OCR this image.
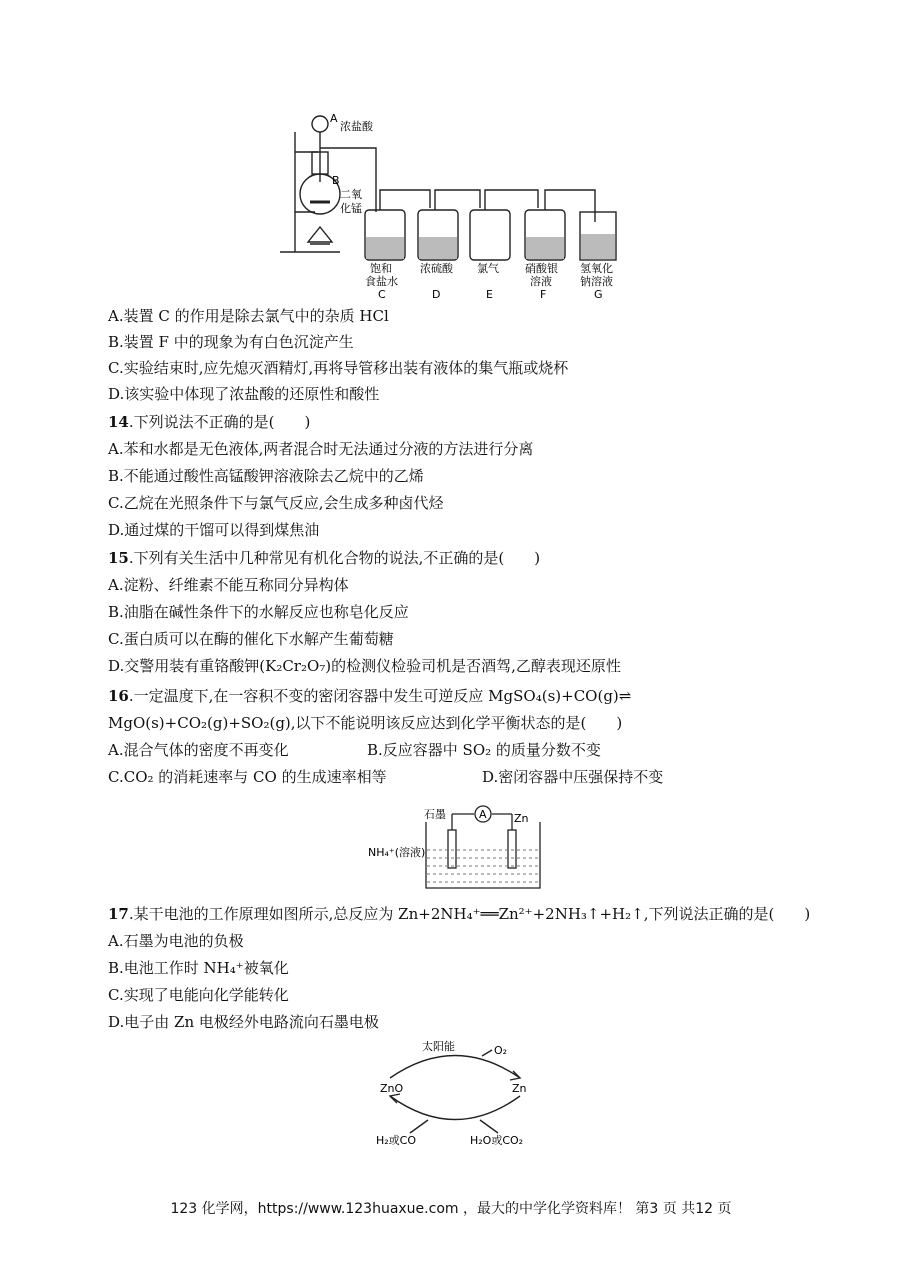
A
浓盐酸
B
二氧
化锰
饱和
食盐水
C
浓硫酸
D
氯气
E
硝酸银
溶液
F
氢氧化
钠溶液
G
A.装置 C 的作用是除去氯气中的杂质 HCl
B.装置 F 中的现象为有白色沉淀产生
C.实验结束时,应先熄灭酒精灯,再将导管移出装有液体的集气瓶或烧杯
D.该实验中体现了浓盐酸的还原性和酸性
14.下列说法不正确的是(　　)
A.苯和水都是无色液体,两者混合时无法通过分液的方法进行分离
B.不能通过酸性高锰酸钾溶液除去乙烷中的乙烯
C.乙烷在光照条件下与氯气反应,会生成多种卤代烃
D.通过煤的干馏可以得到煤焦油
15.下列有关生活中几种常见有机化合物的说法,不正确的是(　　)
A.淀粉、纤维素不能互称同分异构体
B.油脂在碱性条件下的水解反应也称皂化反应
C.蛋白质可以在酶的催化下水解产生葡萄糖
D.交警用装有重铬酸钾(K₂Cr₂O₇)的检测仪检验司机是否酒驾,乙醇表现还原性
16.一定温度下,在一容积不变的密闭容器中发生可逆反应 MgSO₄(s)+CO(g)⇌
MgO(s)+CO₂(g)+SO₂(g),以下不能说明该反应达到化学平衡状态的是(　　)
A.混合气体的密度不再变化	B.反应容器中 SO₂ 的质量分数不变
C.CO₂ 的消耗速率与 CO 的生成速率相等	D.密闭容器中压强保持不变
石墨	A Zn
NH₄⁺(溶液)
17.某干电池的工作原理如图所示,总反应为 Zn+2NH₄⁺══Zn²⁺+2NH₃↑+H₂↑,下列说法正确的是(　　)
A.石墨为电池的负极
B.电池工作时 NH₄⁺被氧化
C.实现了电能向化学能转化
D.电子由 Zn 电极经外电路流向石墨电极
太阳能	O₂
ZnO	Zn
H₂或CO	H₂O或CO₂
123 化学网，https://www.123huaxue.com ，最大的中学化学资料库！ 第3 页 共12 页
